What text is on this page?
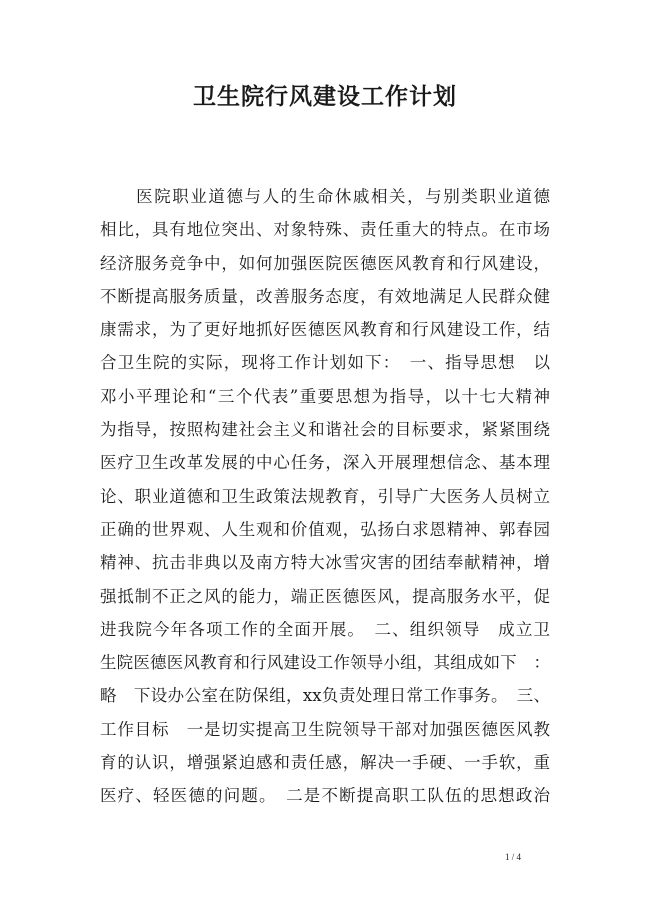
卫生院行风建设工作计划
　　医院职业道德与人的生命休戚相关，与别类职业道德
相比，具有地位突出、对象特殊、责任重大的特点。在市场
经济服务竞争中，如何加强医院医德医风教育和行风建设，
不断提高服务质量，改善服务态度，有效地满足人民群众健
康需求，为了更好地抓好医德医风教育和行风建设工作，结
合卫生院的实际，现将工作计划如下：　一、指导思想　以
邓小平理论和“三个代表”重要思想为指导，以十七大精神
为指导，按照构建社会主义和谐社会的目标要求，紧紧围绕
医疗卫生改革发展的中心任务，深入开展理想信念、基本理
论、职业道德和卫生政策法规教育，引导广大医务人员树立
正确的世界观、人生观和价值观，弘扬白求恩精神、郭春园
精神、抗击非典以及南方特大冰雪灾害的团结奉献精神，增
强抵制不正之风的能力，端正医德医风，提高服务水平，促
进我院今年各项工作的全面开展。　二、组织领导　成立卫
生院医德医风教育和行风建设工作领导小组，其组成如下　：
略　下设办公室在防保组，xx负责处理日常工作事务。　三、
工作目标　一是切实提高卫生院领导干部对加强医德医风教
育的认识，增强紧迫感和责任感，解决一手硬、一手软，重
医疗、轻医德的问题。　二是不断提高职工队伍的思想政治
1 / 4
